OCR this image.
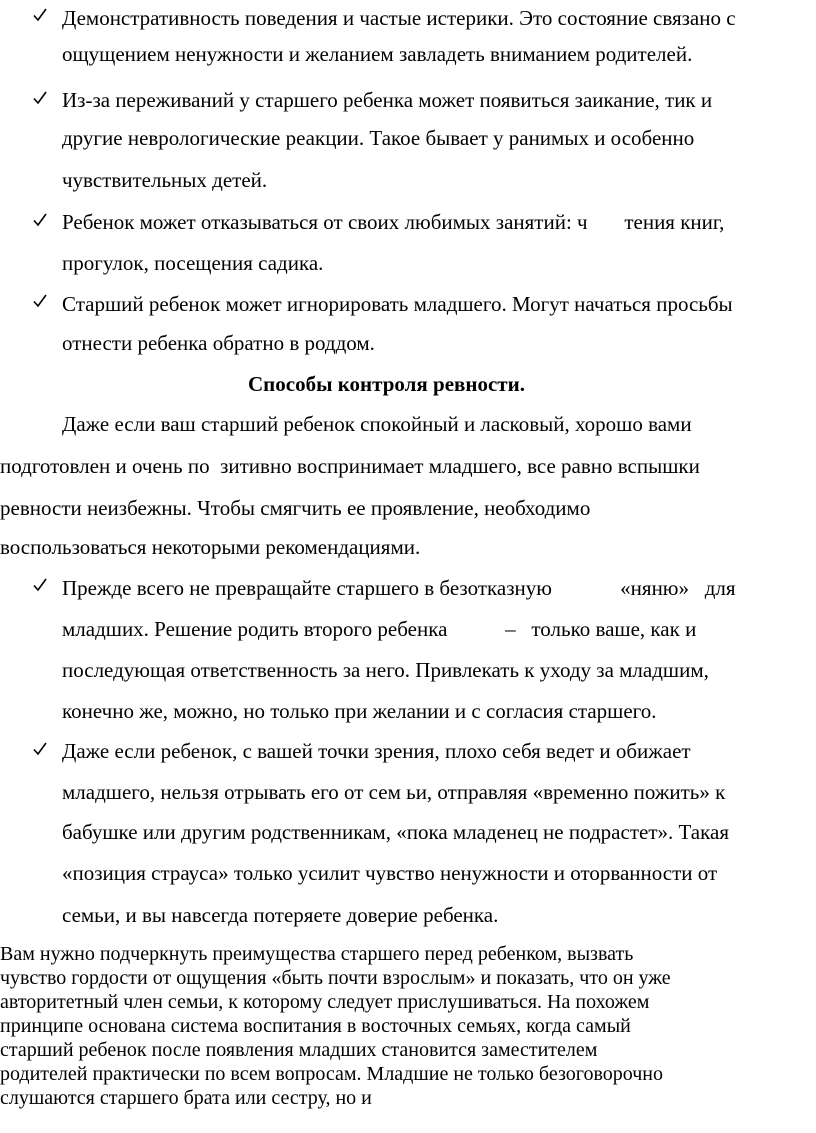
Демонстративность поведения и частые истерики. Это состояние связано с
ощущением ненужности и желанием завладеть вниманием родителей.
Из-за переживаний у старшего ребенка может появиться заикание, тик и
другие неврологические реакции. Такое бывает у ранимых и особенно
чувствительных детей.
Ребенок может отказываться от своих любимых занятий: ч       тения книг,
прогулок, посещения садика.
Старший ребенок может игнорировать младшего. Могут начаться просьбы
отнести ребенка обратно в роддом.
Способы контроля ревности.
Даже если ваш старший ребенок спокойный и ласковый, хорошо вами
подготовлен и очень по  зитивно воспринимает младшего, все равно вспышки
ревности неизбежны. Чтобы смягчить ее проявление, необходимо
воспользоваться некоторыми рекомендациями.
Прежде всего не превращайте старшего в безотказную             «няню»   для
младших. Решение родить второго ребенка           –   только ваше, как и
последующая ответственность за него. Привлекать к уходу за младшим,
конечно же, можно, но только при желании и с согласия старшего.
Даже если ребенок, с вашей точки зрения, плохо себя ведет и обижает
младшего, нельзя отрывать его от сем ьи, отправляя «временно пожить» к
бабушке или другим родственникам, «пока младенец не подрастет». Такая
«позиция страуса» только усилит чувство ненужности и оторванности от
семьи, и вы навсегда потеряете доверие ребенка.
Вам нужно подчеркнуть преимущества старшего перед ребенком, вызвать
чувство гордости от ощущения «быть почти взрослым» и показать, что он уже
авторитетный член семьи, к которому следует прислушиваться. На похожем
принципе основана система воспитания в восточных семьях, когда самый
старший ребенок после появления младших становится заместителем
родителей практически по всем вопросам. Младшие не только безоговорочно
слушаются старшего брата или сестру, но и
